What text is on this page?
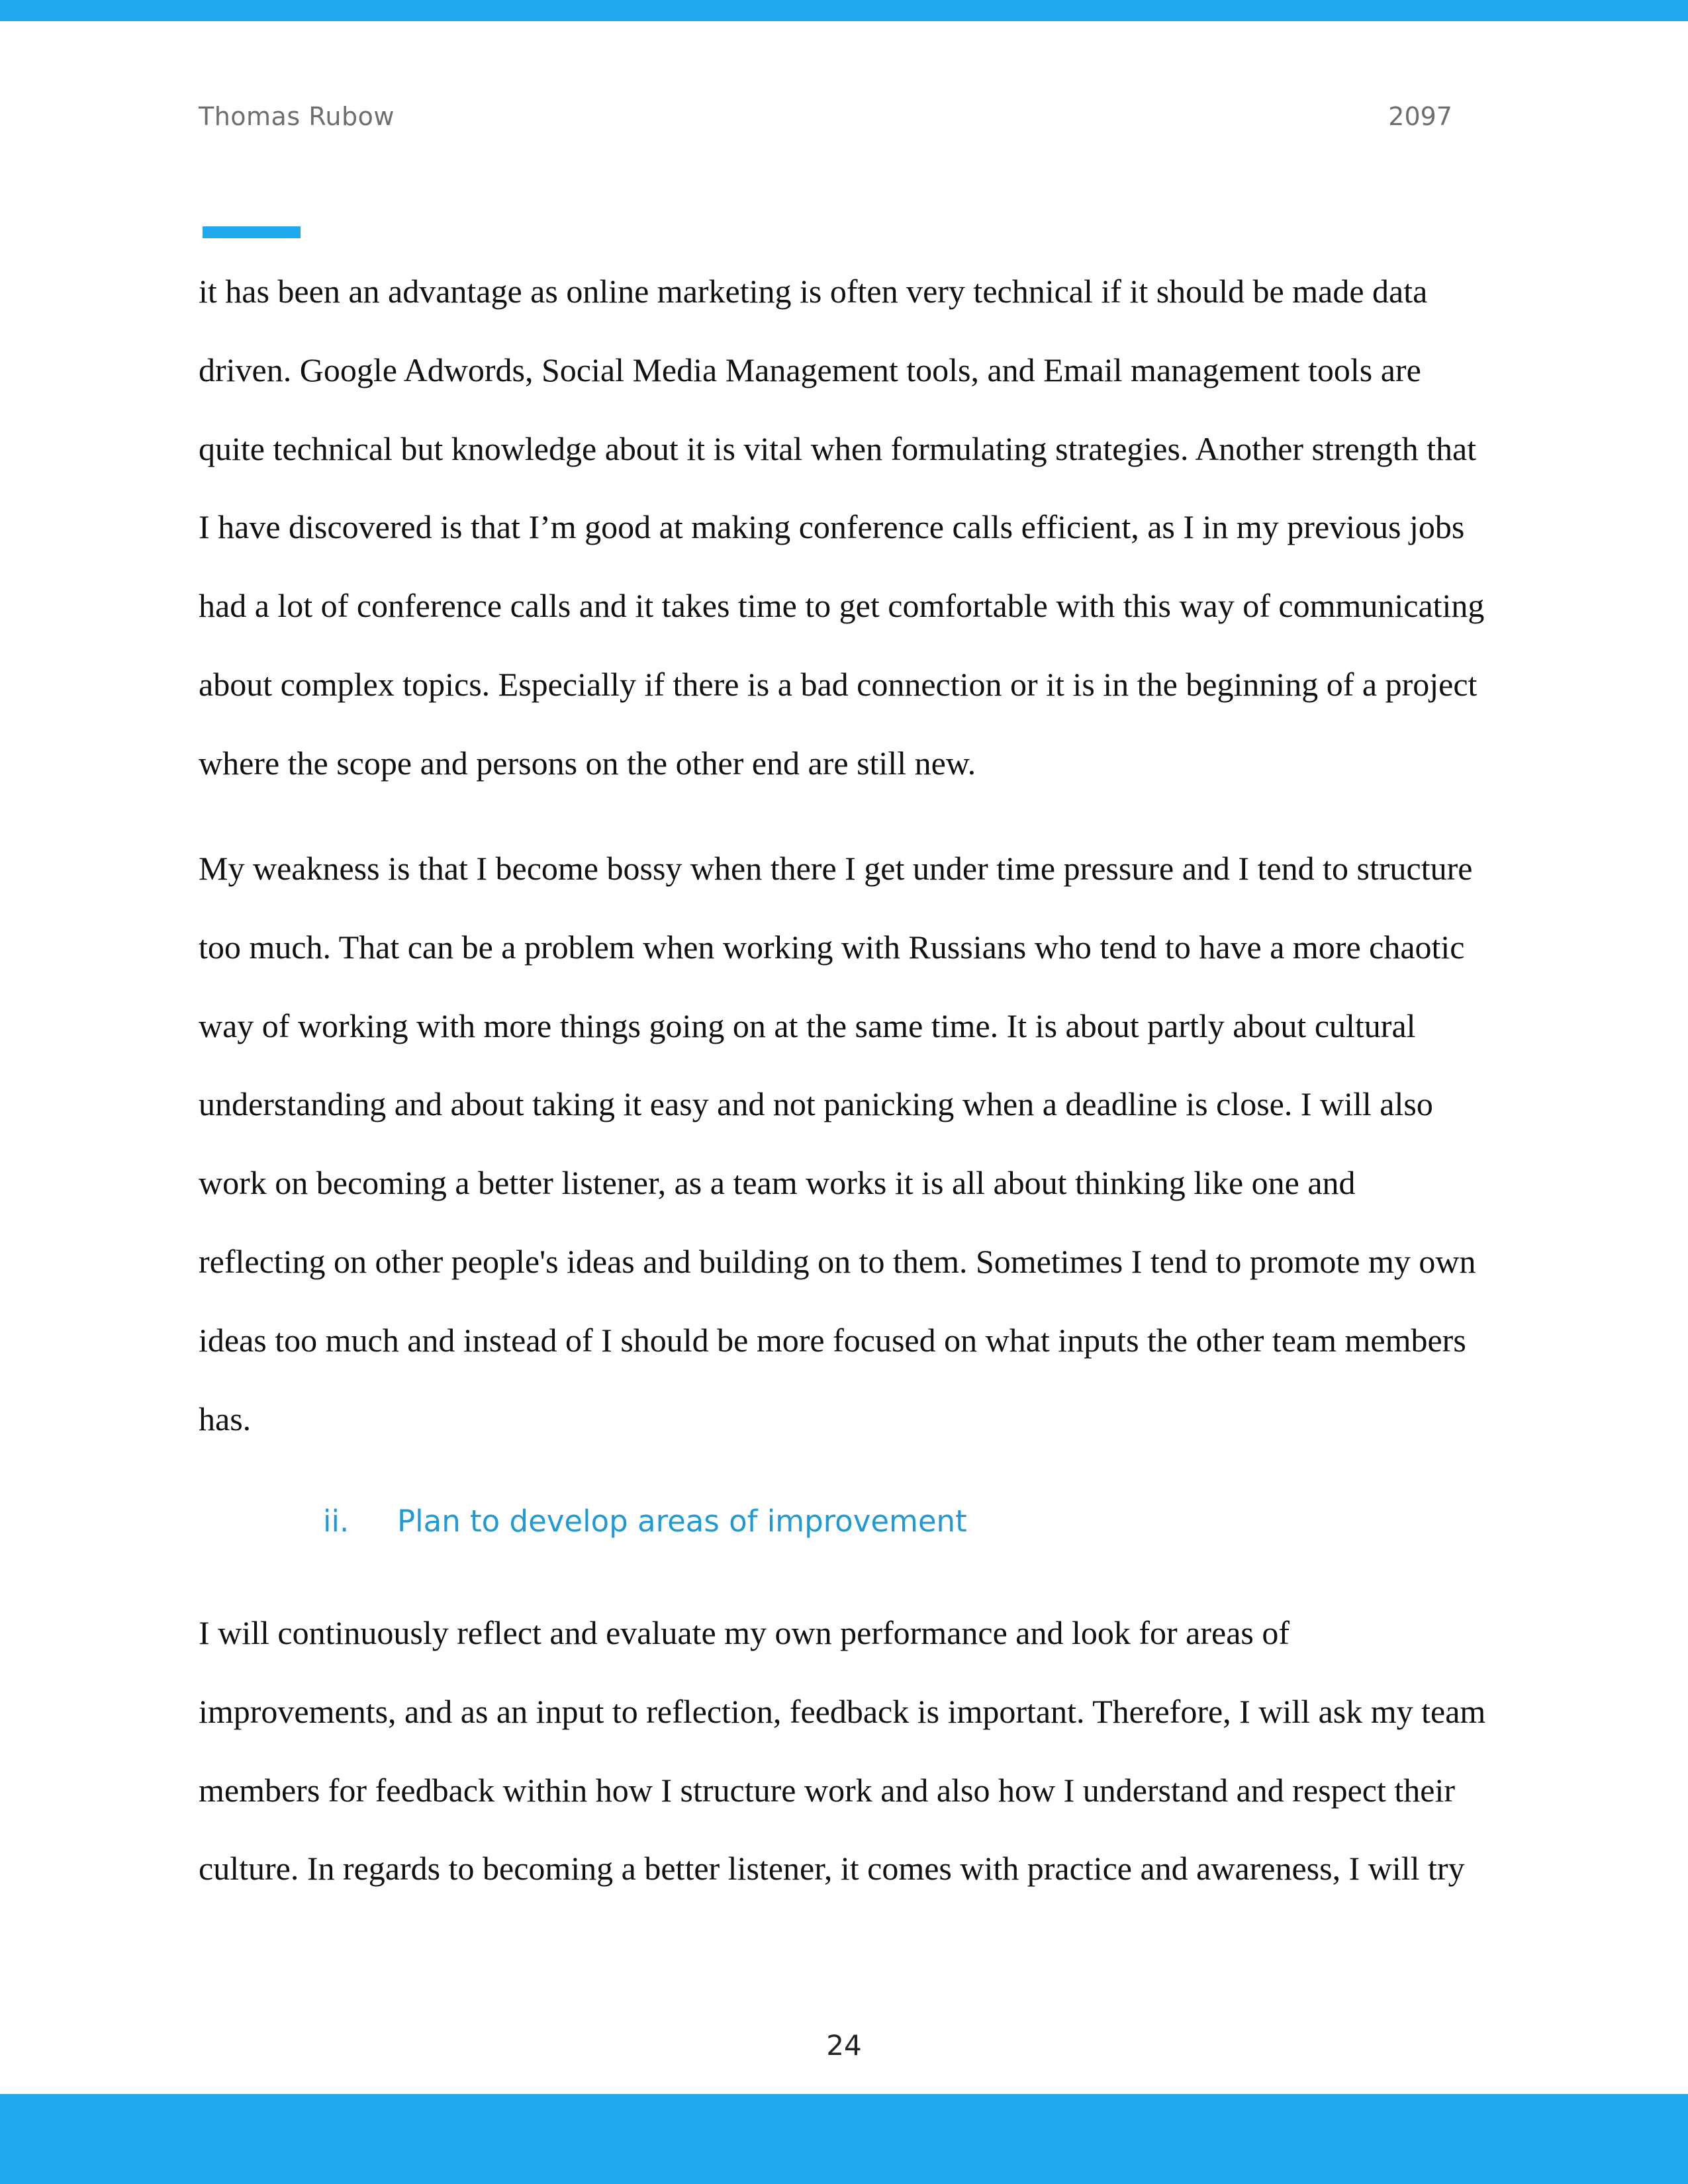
Thomas Rubow	2097

it has been an advantage as online marketing is often very technical if it should be made data
driven. Google Adwords, Social Media Management tools, and Email management tools are
quite technical but knowledge about it is vital when formulating strategies. Another strength that
I have discovered is that I’m good at making conference calls efficient, as I in my previous jobs
had a lot of conference calls and it takes time to get comfortable with this way of communicating
about complex topics. Especially if there is a bad connection or it is in the beginning of a project
where the scope and persons on the other end are still new.

My weakness is that I become bossy when there I get under time pressure and I tend to structure
too much. That can be a problem when working with Russians who tend to have a more chaotic
way of working with more things going on at the same time. It is about partly about cultural
understanding and about taking it easy and not panicking when a deadline is close. I will also
work on becoming a better listener, as a team works it is all about thinking like one and
reflecting on other people's ideas and building on to them. Sometimes I tend to promote my own
ideas too much and instead of I should be more focused on what inputs the other team members
has.

ii. Plan to develop areas of improvement

I will continuously reflect and evaluate my own performance and look for areas of
improvements, and as an input to reflection, feedback is important. Therefore, I will ask my team
members for feedback within how I structure work and also how I understand and respect their
culture. In regards to becoming a better listener, it comes with practice and awareness, I will try

24
